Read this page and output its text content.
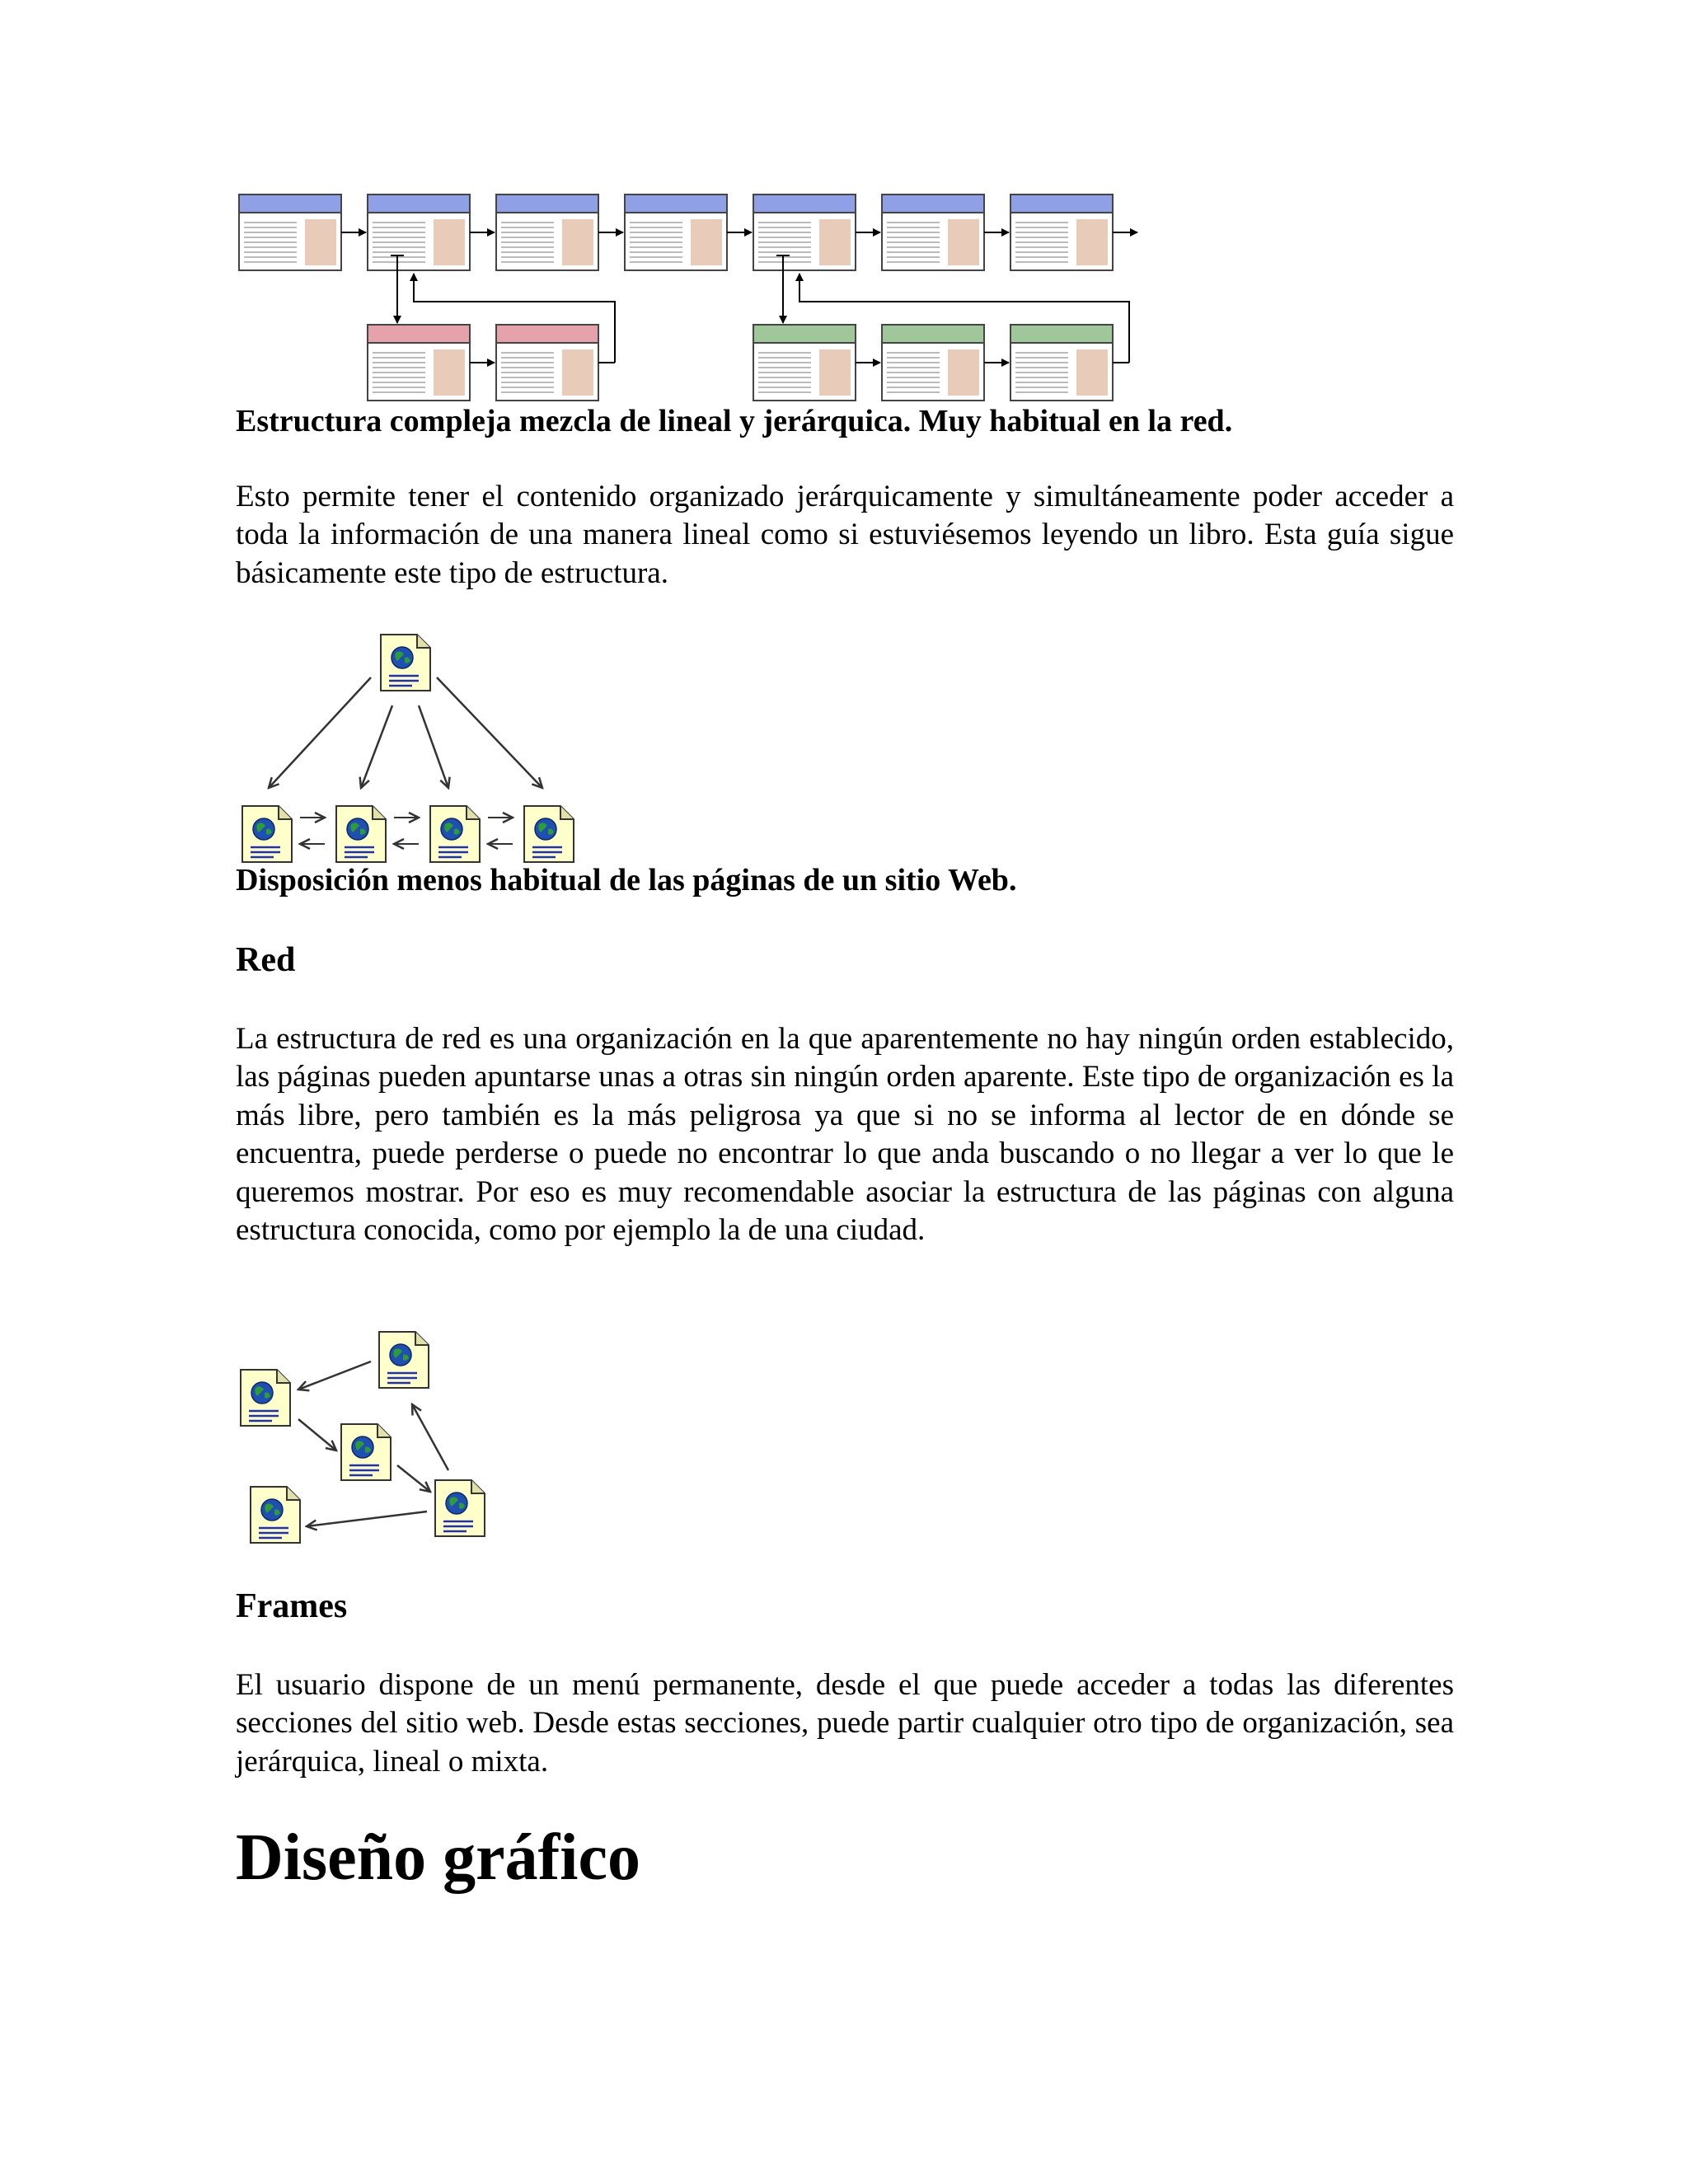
Estructura compleja mezcla de lineal y jerárquica. Muy habitual en la red.

Esto permite tener el contenido organizado jerárquicamente y simultáneamente poder acceder a toda la información de una manera lineal como si estuviésemos leyendo un libro. Esta guía sigue básicamente este tipo de estructura.

Disposición menos habitual de las páginas de un sitio Web.

Red

La estructura de red es una organización en la que aparentemente no hay ningún orden establecido, las páginas pueden apuntarse unas a otras sin ningún orden aparente. Este tipo de organización es la más libre, pero también es la más peligrosa ya que si no se informa al lector de en dónde se encuentra, puede perderse o puede no encontrar lo que anda buscando o no llegar a ver lo que le queremos mostrar. Por eso es muy recomendable asociar la estructura de las páginas con alguna estructura conocida, como por ejemplo la de una ciudad.

Frames

El usuario dispone de un menú permanente, desde el que puede acceder a todas las diferentes secciones del sitio web. Desde estas secciones, puede partir cualquier otro tipo de organización, sea jerárquica, lineal o mixta.

Diseño gráfico
